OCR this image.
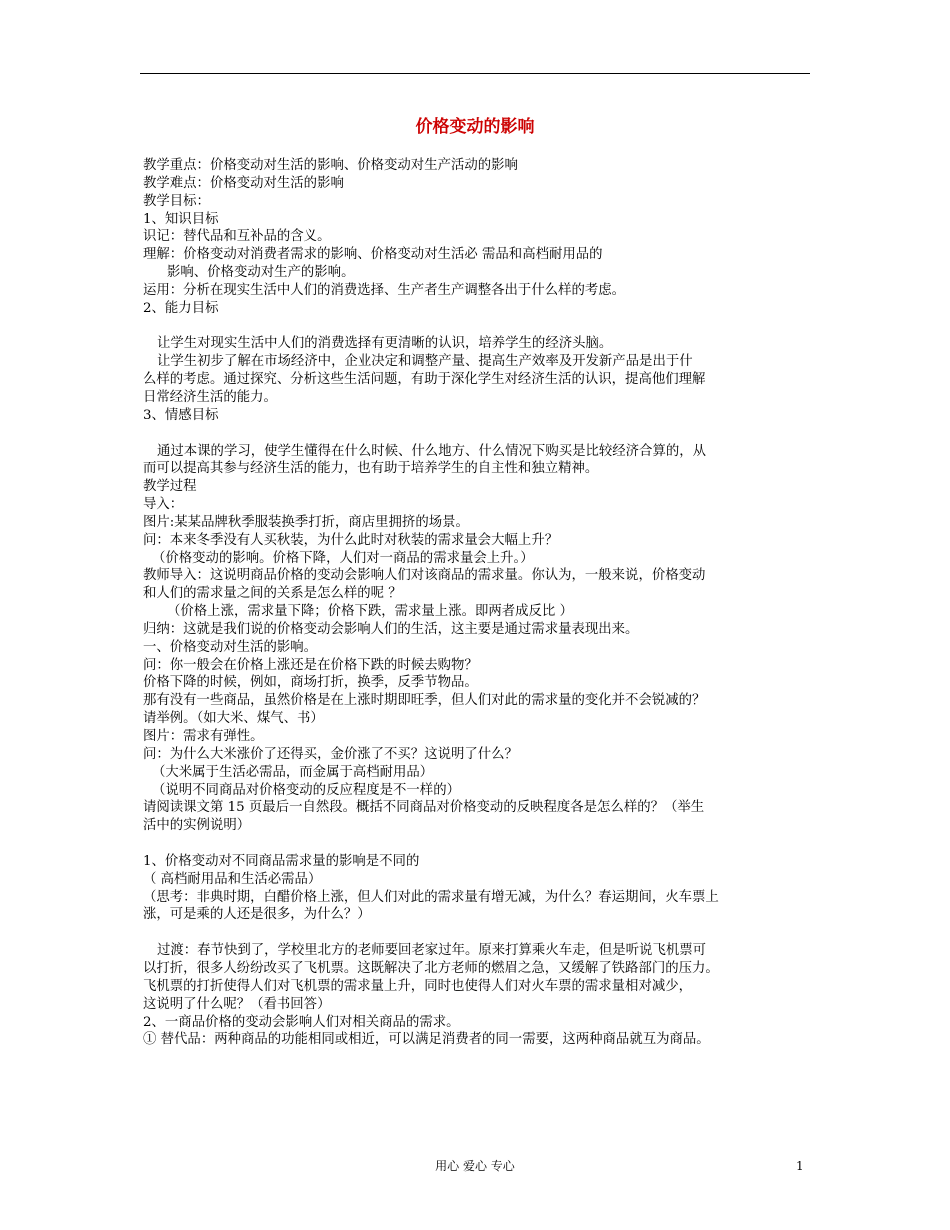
价格变动的影响
教学重点：价格变动对生活的影响、价格变动对生产活动的影响
教学难点：价格变动对生活的影响
教学目标：
1、知识目标
识记：替代品和互补品的含义。
理解：价格变动对消费者需求的影响、价格变动对生活必 需品和高档耐用品的
影响、价格变动对生产的影响。
运用：分析在现实生活中人们的消费选择、生产者生产调整各出于什么样的考虑。
2、能力目标
让学生对现实生活中人们的消费选择有更清晰的认识，培养学生的经济头脑。
让学生初步了解在市场经济中，企业决定和调整产量、提高生产效率及开发新产品是出于什
么样的考虑。通过探究、分析这些生活问题，有助于深化学生对经济生活的认识，提高他们理解
日常经济生活的能力。
3、情感目标
通过本课的学习，使学生懂得在什么时候、什么地方、什么情况下购买是比较经济合算的，从
而可以提高其参与经济生活的能力，也有助于培养学生的自主性和独立精神。
教学过程
导入：
图片:某某品牌秋季服装换季打折，商店里拥挤的场景。
问：本来冬季没有人买秋装，为什么此时对秋装的需求量会大幅上升？
（价格变动的影响。价格下降，人们对一商品的需求量会上升。）
教师导入：这说明商品价格的变动会影响人们对该商品的需求量。你认为，一般来说，价格变动
和人们的需求量之间的关系是怎么样的呢 ？
（价格上涨，需求量下降；价格下跌，需求量上涨。即两者成反比 ）
归纳：这就是我们说的价格变动会影响人们的生活，这主要是通过需求量表现出来。
一、价格变动对生活的影响。
问：你一般会在价格上涨还是在价格下跌的时候去购物？
价格下降的时候，例如，商场打折，换季，反季节物品。
那有没有一些商品，虽然价格是在上涨时期即旺季，但人们对此的需求量的变化并不会锐减的？
请举例。（如大米、煤气、书）
图片：需求有弹性。
问：为什么大米涨价了还得买，金价涨了不买？这说明了什么？
（大米属于生活必需品，而金属于高档耐用品）
（说明不同商品对价格变动的反应程度是不一样的）
请阅读课文第 15 页最后一自然段。概括不同商品对价格变动的反映程度各是怎么样的？（举生
活中的实例说明）
1、价格变动对不同商品需求量的影响是不同的
（ 高档耐用品和生活必需品）
（思考：非典时期，白醋价格上涨，但人们对此的需求量有增无减，为什么？春运期间，火车票上
涨，可是乘的人还是很多，为什么？）
过渡：春节快到了，学校里北方的老师要回老家过年。原来打算乘火车走，但是听说飞机票可
以打折，很多人纷纷改买了飞机票。这既解决了北方老师的燃眉之急，又缓解了铁路部门的压力。
飞机票的打折使得人们对飞机票的需求量上升，同时也使得人们对火车票的需求量相对减少，
这说明了什么呢？（看书回答）
2、一商品价格的变动会影响人们对相关商品的需求。
① 替代品：两种商品的功能相同或相近，可以满足消费者的同一需要，这两种商品就互为商品。
用心 爱心 专心	1
